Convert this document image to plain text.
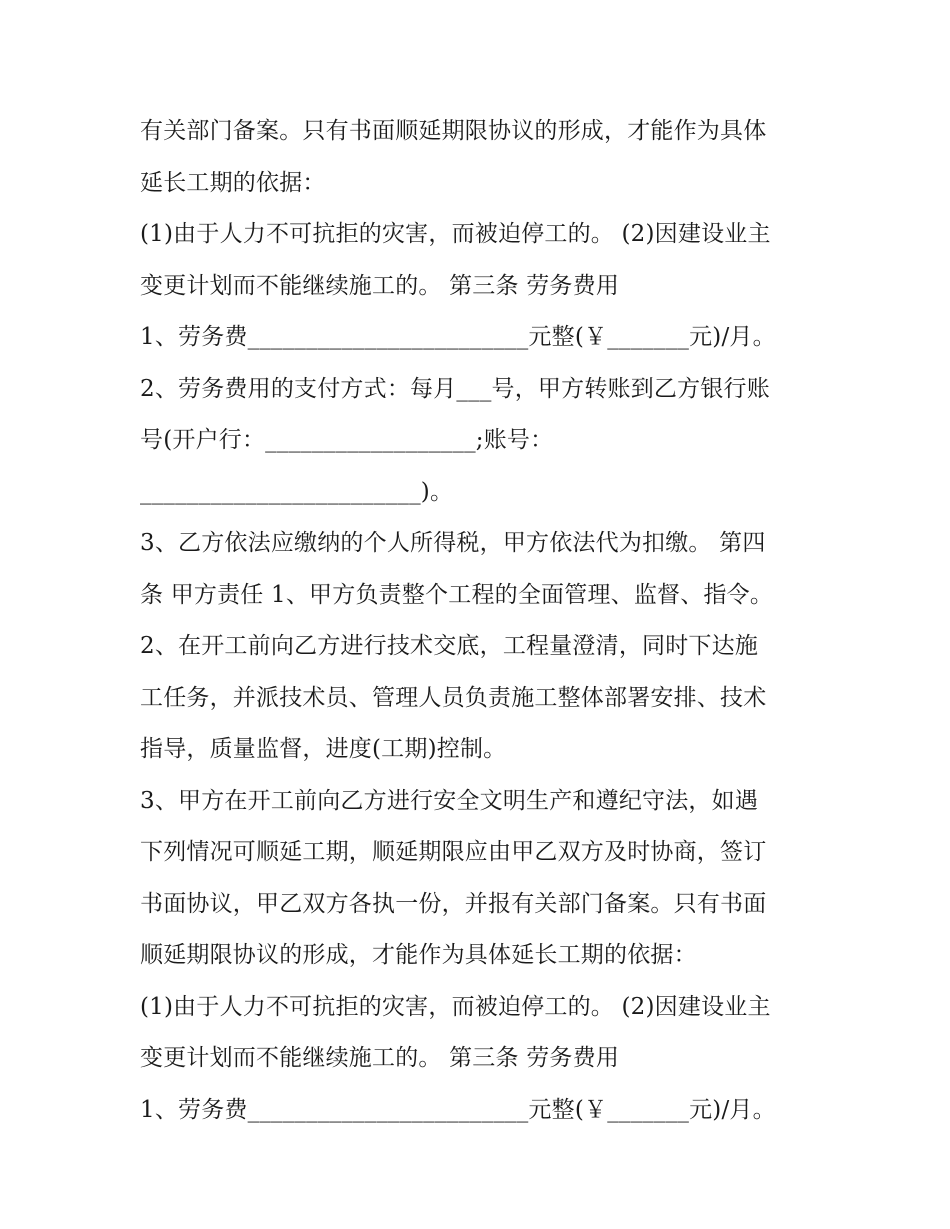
有关部门备案。只有书面顺延期限协议的形成，才能作为具体
延长工期的依据：
(1)由于人力不可抗拒的灾害，而被迫停工的。 (2)因建设业主
变更计划而不能继续施工的。 第三条 劳务费用
1、劳务费________________________元整(￥_______元)/月。
2、劳务费用的支付方式：每月___号，甲方转账到乙方银行账
号(开户行：__________________;账号：
________________________)。
3、乙方依法应缴纳的个人所得税，甲方依法代为扣缴。 第四
条 甲方责任 1、甲方负责整个工程的全面管理、监督、指令。
2、在开工前向乙方进行技术交底，工程量澄清，同时下达施
工任务，并派技术员、管理人员负责施工整体部署安排、技术
指导，质量监督，进度(工期)控制。
3、甲方在开工前向乙方进行安全文明生产和遵纪守法，如遇
下列情况可顺延工期，顺延期限应由甲乙双方及时协商，签订
书面协议，甲乙双方各执一份，并报有关部门备案。只有书面
顺延期限协议的形成，才能作为具体延长工期的依据：
(1)由于人力不可抗拒的灾害，而被迫停工的。 (2)因建设业主
变更计划而不能继续施工的。 第三条 劳务费用
1、劳务费________________________元整(￥_______元)/月。
